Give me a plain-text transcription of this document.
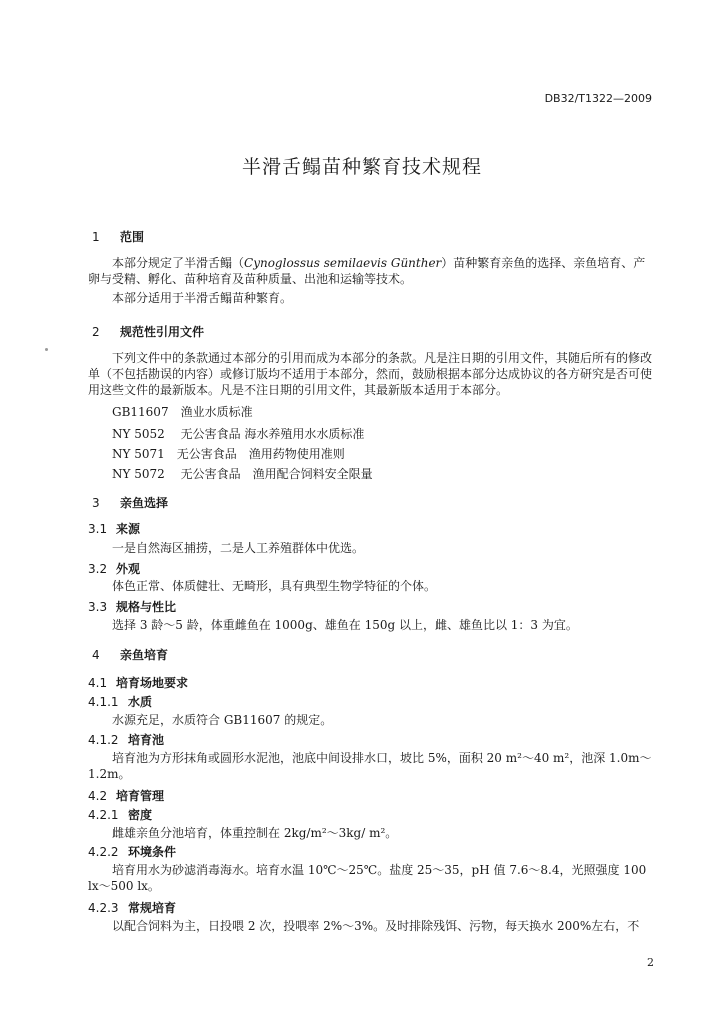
DB32/T1322—2009
半滑舌鳎苗种繁育技术规程
1 范围
本部分规定了半滑舌鳎（Cynoglossus semilaevis Günther）苗种繁育亲鱼的选择、亲鱼培育、产卵与受精、孵化、苗种培育及苗种质量、出池和运输等技术。
本部分适用于半滑舌鳎苗种繁育。
2 规范性引用文件
下列文件中的条款通过本部分的引用而成为本部分的条款。凡是注日期的引用文件，其随后所有的修改单（不包括勘误的内容）或修订版均不适用于本部分，然而，鼓励根据本部分达成协议的各方研究是否可使用这些文件的最新版本。凡是不注日期的引用文件，其最新版本适用于本部分。
GB11607　渔业水质标准
NY 5052　 无公害食品 海水养殖用水水质标准
NY 5071　无公害食品　渔用药物使用准则
NY 5072　 无公害食品　渔用配合饲料安全限量
3 亲鱼选择
3.1 来源
一是自然海区捕捞，二是人工养殖群体中优选。
3.2 外观
体色正常、体质健壮、无畸形，具有典型生物学特征的个体。
3.3 规格与性比
选择 3 龄～5 龄，体重雌鱼在 1000g、雄鱼在 150g 以上，雌、雄鱼比以 1：3 为宜。
4 亲鱼培育
4.1 培育场地要求
4.1.1 水质
水源充足，水质符合 GB11607 的规定。
4.1.2 培育池
培育池为方形抹角或圆形水泥池，池底中间设排水口，坡比 5%，面积 20 m²～40 m²，池深 1.0m～1.2m。
4.2 培育管理
4.2.1 密度
雌雄亲鱼分池培育，体重控制在 2kg/m²～3kg/ m²。
4.2.2 环境条件
培育用水为砂滤消毒海水。培育水温 10℃～25℃。盐度 25～35，pH 值 7.6～8.4，光照强度 100 lx～500 lx。
4.2.3 常规培育
以配合饲料为主，日投喂 2 次，投喂率 2%～3%。及时排除残饵、污物，每天换水 200%左右，不
2
